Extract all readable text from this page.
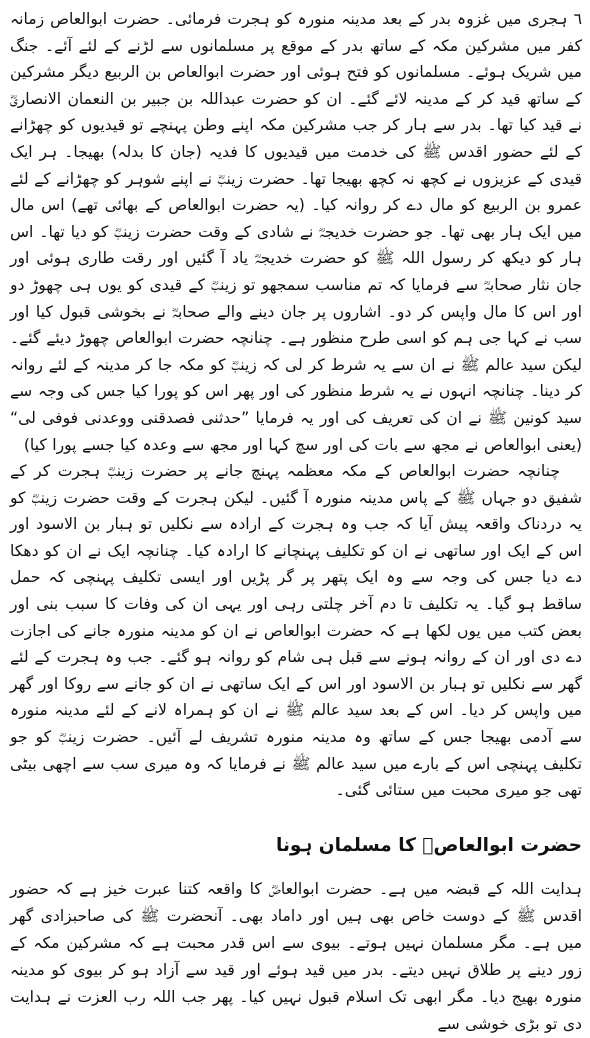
٦ ہجری میں غزوہ بدر کے بعد مدینہ منورہ کو ہجرت فرمائی۔ حضرت ابوالعاص زمانہ کفر میں مشرکین مکہ کے ساتھ بدر کے موقع پر مسلمانوں سے لڑنے کے لئے آئے۔ جنگ میں شریک ہوئے۔ مسلمانوں کو فتح ہوئی اور حضرت ابوالعاص بن الربیع دیگر مشرکین کے ساتھ قید کر کے مدینہ لائے گئے۔ ان کو حضرت عبداللہ بن جبیر بن النعمان الانصاریؓ نے قید کیا تھا۔ بدر سے ہار کر جب مشرکین مکہ اپنے وطن پہنچے تو قیدیوں کو چھڑانے کے لئے حضور اقدس ﷺ کی خدمت میں قیدیوں کا فدیہ (جان کا بدلہ) بھیجا۔ ہر ایک قیدی کے عزیزوں نے کچھ نہ کچھ بھیجا تھا۔ حضرت زینبؓ نے اپنے شوہر کو چھڑانے کے لئے عمرو بن الربیع کو مال دے کر روانہ کیا۔ (یہ حضرت ابوالعاص کے بھائی تھے) اس مال میں ایک ہار بھی تھا۔ جو حضرت خدیجہؓ نے شادی کے وقت حضرت زینبؓ کو دیا تھا۔ اس ہار کو دیکھ کر رسول اللہ ﷺ کو حضرت خدیجہؓ یاد آ گئیں اور رقت طاری ہوئی اور جان نثار صحابہؓ سے فرمایا کہ تم مناسب سمجھو تو زینبؓ کے قیدی کو یوں ہی چھوڑ دو اور اس کا مال واپس کر دو۔ اشاروں پر جان دینے والے صحابہؓ نے بخوشی قبول کیا اور سب نے کہا جی ہم کو اسی طرح منظور ہے۔ چنانچہ حضرت ابوالعاص چھوڑ دیئے گئے۔ لیکن سید عالم ﷺ نے ان سے یہ شرط کر لی کہ زینبؓ کو مکہ جا کر مدینہ کے لئے روانہ کر دینا۔ چنانچہ انہوں نے یہ شرط منظور کی اور پھر اس کو پورا کیا جس کی وجہ سے سید کونین ﷺ نے ان کی تعریف کی اور یہ فرمایا ”حدثنی فصدقنی ووعدنی فوفی لی“ (یعنی ابوالعاص نے مجھ سے بات کی اور سچ کہا اور مجھ سے وعدہ کیا جسے پورا کیا)

چنانچہ حضرت ابوالعاص کے مکہ معظمہ پہنچ جانے پر حضرت زینبؓ ہجرت کر کے شفیق دو جہاں ﷺ کے پاس مدینہ منورہ آ گئیں۔ لیکن ہجرت کے وقت حضرت زینبؓ کو یہ دردناک واقعہ پیش آیا کہ جب وہ ہجرت کے ارادہ سے نکلیں تو ہبار بن الاسود اور اس کے ایک اور ساتھی نے ان کو تکلیف پہنچانے کا ارادہ کیا۔ چنانچہ ایک نے ان کو دھکا دے دیا جس کی وجہ سے وہ ایک پتھر پر گر پڑیں اور ایسی تکلیف پہنچی کہ حمل ساقط ہو گیا۔ یہ تکلیف تا دم آخر چلتی رہی اور یہی ان کی وفات کا سبب بنی اور بعض کتب میں یوں لکھا ہے کہ حضرت ابوالعاص نے ان کو مدینہ منورہ جانے کی اجازت دے دی اور ان کے روانہ ہونے سے قبل ہی شام کو روانہ ہو گئے۔ جب وہ ہجرت کے لئے گھر سے نکلیں تو ہبار بن الاسود اور اس کے ایک ساتھی نے ان کو جانے سے روکا اور گھر میں واپس کر دیا۔ اس کے بعد سید عالم ﷺ نے ان کو ہمراہ لانے کے لئے مدینہ منورہ سے آدمی بھیجا جس کے ساتھ وہ مدینہ منورہ تشریف لے آئیں۔ حضرت زینبؓ کو جو تکلیف پہنچی اس کے بارے میں سید عالم ﷺ نے فرمایا کہ وہ میری سب سے اچھی بیٹی تھی جو میری محبت میں ستائی گئی۔

حضرت ابوالعاصؓ کا مسلمان ہونا

ہدایت اللہ کے قبضہ میں ہے۔ حضرت ابوالعاصؓ کا واقعہ کتنا عبرت خیز ہے کہ حضور اقدس ﷺ کے دوست خاص بھی ہیں اور داماد بھی۔ آنحضرت ﷺ کی صاحبزادی گھر میں ہے۔ مگر مسلمان نہیں ہوتے۔ بیوی سے اس قدر محبت ہے کہ مشرکین مکہ کے زور دینے پر طلاق نہیں دیتے۔ بدر میں قید ہوئے اور قید سے آزاد ہو کر بیوی کو مدینہ منورہ بھیج دیا۔ مگر ابھی تک اسلام قبول نہیں کیا۔ پھر جب اللہ رب العزت نے ہدایت دی تو بڑی خوشی سے
